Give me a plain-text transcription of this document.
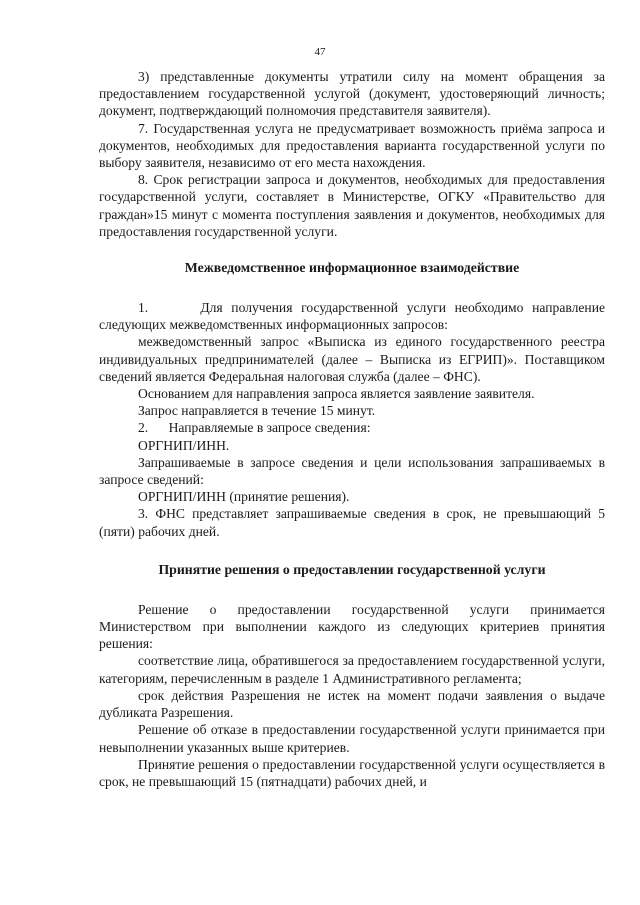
47

3) представленные документы утратили силу на момент обращения за предоставлением государственной услугой (документ, удостоверяющий личность; документ, подтверждающий полномочия представителя заявителя).

7. Государственная услуга не предусматривает возможность приёма запроса и документов, необходимых для предоставления варианта государственной услуги по выбору заявителя, независимо от его места нахождения.

8. Срок регистрации запроса и документов, необходимых для предоставления государственной услуги, составляет в Министерстве, ОГКУ «Правительство для граждан»15 минут с момента поступления заявления и документов, необходимых для предоставления государственной услуги.

Межведомственное информационное взаимодействие

1.      Для получения государственной услуги необходимо направление следующих межведомственных информационных запросов:

межведомственный запрос «Выписка из единого государственного реестра индивидуальных предпринимателей (далее – Выписка из ЕГРИП)». Поставщиком сведений является Федеральная налоговая служба (далее – ФНС).

Основанием для направления запроса является заявление заявителя.

Запрос направляется в течение 15 минут.

2.      Направляемые в запросе сведения:

ОРГНИП/ИНН.

Запрашиваемые в запросе сведения и цели использования запрашиваемых в запросе сведений:

ОРГНИП/ИНН (принятие решения).

3. ФНС представляет запрашиваемые сведения в срок, не превышающий 5 (пяти) рабочих дней.

Принятие решения о предоставлении государственной услуги

Решение о предоставлении государственной услуги принимается Министерством при выполнении каждого из следующих критериев принятия решения:

соответствие лица, обратившегося за предоставлением государственной услуги, категориям, перечисленным в разделе 1 Административного регламента;

срок действия Разрешения не истек на момент подачи заявления о выдаче дубликата Разрешения.

Решение об отказе в предоставлении государственной услуги принимается при невыполнении указанных выше критериев.

Принятие решения о предоставлении государственной услуги осуществляется в срок, не превышающий 15 (пятнадцати) рабочих дней, и
